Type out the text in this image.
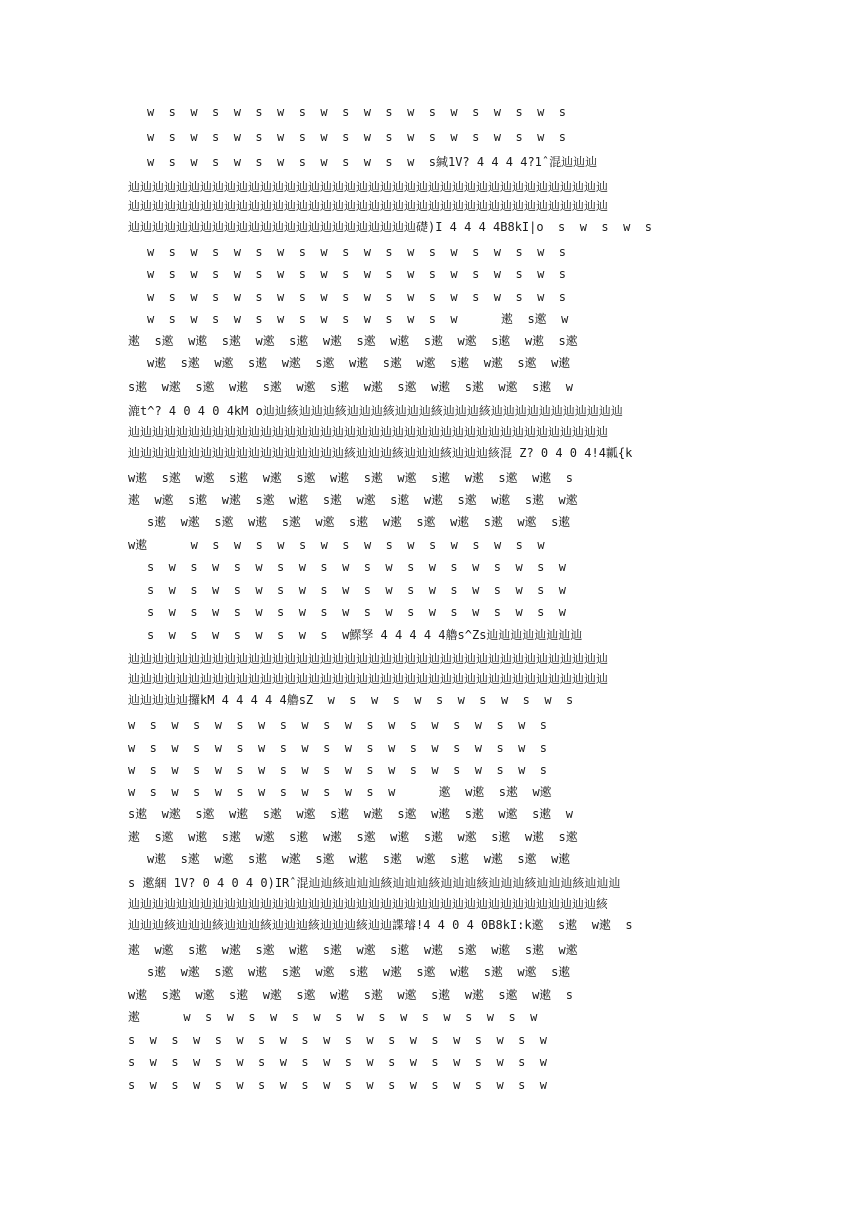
w  s  w  s  w  s  w  s  w  s  w  s  w  s  w  s  w  s  w  s

w  s  w  s  w  s  w  s  w  s  w  s  w  s  w  s  w  s  w  s

w  s  w  s  w  s  w  s  w  s  w  s  w  s緘1V? 4 4 4 4?1ˆ混辿辿辿

辿辿辿辿辿辿辿辿辿辿辿辿辿辿辿辿辿辿辿辿辿辿辿辿辿辿辿辿辿辿辿辿辿辿辿辿辿辿辿辿

辿辿辿辿辿辿辿辿辿辿辿辿辿辿辿辿辿辿辿辿辿辿辿辿辿辿辿辿辿辿辿辿辿辿辿辿辿辿辿辿

辿辿辿辿辿辿辿辿辿辿辿辿辿辿辿辿辿辿辿辿辿辿辿辿礎)I 4 4 4 4B8kI|o  s  w  s  w  s

w  s  w  s  w  s  w  s  w  s  w  s  w  s  w  s  w  s  w  s

w  s  w  s  w  s  w  s  w  s  w  s  w  s  w  s  w  s  w  s

w  s  w  s  w  s  w  s  w  s  w  s  w  s  w  s  w  s  w  s

w  s  w  s  w  s  w  s  w  s  w  s  w  s  w      遬  s遬  w

遬  s遬  w遬  s遬  w遬  s遬  w遬  s遬  w遬  s遬  w遬  s遬  w遬  s遬

w遬  s遬  w遬  s遬  w遬  s遬  w遬  s遬  w遬  s遬  w遬  s遬  w遬

s遬  w遬  s遬  w遬  s遬  w遬  s遬  w遬  s遬  w遬  s遬  w遬  s遬  w

漉t^? 4 0 4 0 4kM o辿辿絯辿辿辿絯辿辿辿絯辿辿辿絯辿辿辿絯辿辿辿辿辿辿辿辿辿辿辿

辿辿辿辿辿辿辿辿辿辿辿辿辿辿辿辿辿辿辿辿辿辿辿辿辿辿辿辿辿辿辿辿辿辿辿辿辿辿辿辿

辿辿辿辿辿辿辿辿辿辿辿辿辿辿辿辿辿辿絯辿辿辿絯辿辿辿絯辿辿辿絯混 Z? 0 4 0 4!4瓤{k

w遬  s遬  w遬  s遬  w遬  s遬  w遬  s遬  w遬  s遬  w遬  s遬  w遬  s

遬  w遬  s遬  w遬  s遬  w遬  s遬  w遬  s遬  w遬  s遬  w遬  s遬  w遬

s遬  w遬  s遬  w遬  s遬  w遬  s遬  w遬  s遬  w遬  s遬  w遬  s遬

w遬      w  s  w  s  w  s  w  s  w  s  w  s  w  s  w  s  w

s  w  s  w  s  w  s  w  s  w  s  w  s  w  s  w  s  w  s  w

s  w  s  w  s  w  s  w  s  w  s  w  s  w  s  w  s  w  s  w

s  w  s  w  s  w  s  w  s  w  s  w  s  w  s  w  s  w  s  w

s  w  s  w  s  w  s  w  s  w鰥孥 4 4 4 4 4艪s^Zs辿辿辿辿辿辿辿辿

辿辿辿辿辿辿辿辿辿辿辿辿辿辿辿辿辿辿辿辿辿辿辿辿辿辿辿辿辿辿辿辿辿辿辿辿辿辿辿辿

辿辿辿辿辿辿辿辿辿辿辿辿辿辿辿辿辿辿辿辿辿辿辿辿辿辿辿辿辿辿辿辿辿辿辿辿辿辿辿辿

辿辿辿辿辿攞kM 4 4 4 4 4艪sZ  w  s  w  s  w  s  w  s  w  s  w  s

w  s  w  s  w  s  w  s  w  s  w  s  w  s  w  s  w  s  w  s

w  s  w  s  w  s  w  s  w  s  w  s  w  s  w  s  w  s  w  s

w  s  w  s  w  s  w  s  w  s  w  s  w  s  w  s  w  s  w  s

w  s  w  s  w  s  w  s  w  s  w  s  w      遬  w遬  s遬  w遬

s遬  w遬  s遬  w遬  s遬  w遬  s遬  w遬  s遬  w遬  s遬  w遬  s遬  w

遬  s遬  w遬  s遬  w遬  s遬  w遬  s遬  w遬  s遬  w遬  s遬  w遬  s遬

w遬  s遬  w遬  s遬  w遬  s遬  w遬  s遬  w遬  s遬  w遬  s遬  w遬

s 遬綑 1V? 0 4 0 4 0)IRˆ混辿辿絯辿辿辿絯辿辿辿絯辿辿辿絯辿辿辿絯辿辿辿絯辿辿辿

辿辿辿辿辿辿辿辿辿辿辿辿辿辿辿辿辿辿辿辿辿辿辿辿辿辿辿辿辿辿辿辿辿辿辿辿辿辿辿絯

辿辿辿絯辿辿辿絯辿辿辿絯辿辿辿絯辿辿辿絯辿辿諜璿!4 4 0 4 0B8kI:k遬  s遬  w遬  s

遬  w遬  s遬  w遬  s遬  w遬  s遬  w遬  s遬  w遬  s遬  w遬  s遬  w遬

s遬  w遬  s遬  w遬  s遬  w遬  s遬  w遬  s遬  w遬  s遬  w遬  s遬

w遬  s遬  w遬  s遬  w遬  s遬  w遬  s遬  w遬  s遬  w遬  s遬  w遬  s

遬      w  s  w  s  w  s  w  s  w  s  w  s  w  s  w  s  w

s  w  s  w  s  w  s  w  s  w  s  w  s  w  s  w  s  w  s  w

s  w  s  w  s  w  s  w  s  w  s  w  s  w  s  w  s  w  s  w

s  w  s  w  s  w  s  w  s  w  s  w  s  w  s  w  s  w  s  w
